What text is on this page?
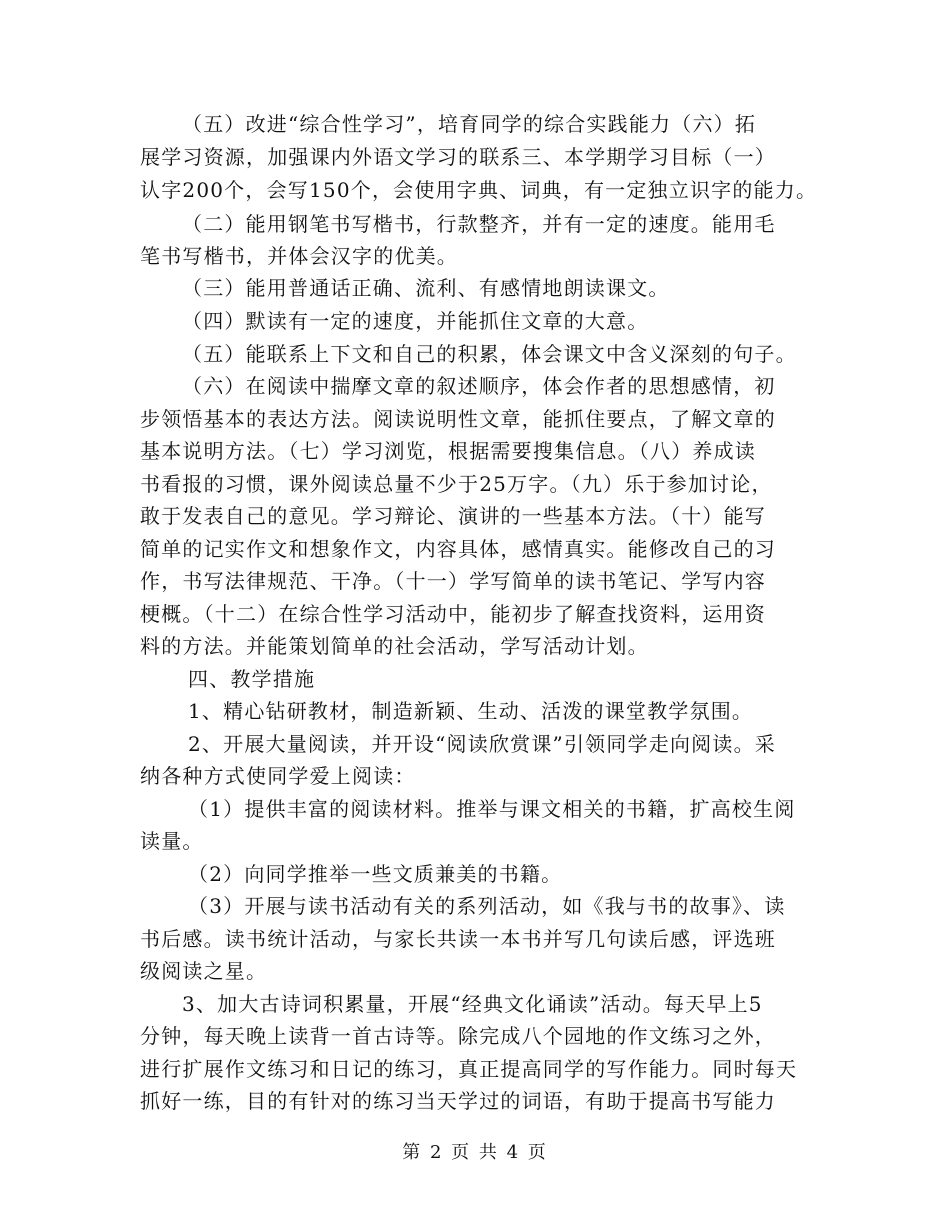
（五）改进“综合性学习”，培育同学的综合实践能力（六）拓
展学习资源，加强课内外语文学习的联系三、本学期学习目标（一）
认字200个，会写150个，会使用字典、词典，有一定独立识字的能力。
（二）能用钢笔书写楷书，行款整齐，并有一定的速度。能用毛
笔书写楷书，并体会汉字的优美。
（三）能用普通话正确、流利、有感情地朗读课文。
（四）默读有一定的速度，并能抓住文章的大意。
（五）能联系上下文和自己的积累，体会课文中含义深刻的句子。
（六）在阅读中揣摩文章的叙述顺序，体会作者的思想感情，初
步领悟基本的表达方法。阅读说明性文章，能抓住要点，了解文章的
基本说明方法。（七）学习浏览，根据需要搜集信息。（八）养成读
书看报的习惯，课外阅读总量不少于25万字。（九）乐于参加讨论，
敢于发表自己的意见。学习辩论、演讲的一些基本方法。（十）能写
简单的记实作文和想象作文，内容具体，感情真实。能修改自己的习
作，书写法律规范、干净。（十一）学写简单的读书笔记、学写内容
梗概。（十二）在综合性学习活动中，能初步了解查找资料，运用资
料的方法。并能策划简单的社会活动，学写活动计划。
四、教学措施
1、精心钻研教材，制造新颖、生动、活泼的课堂教学氛围。
2、开展大量阅读，并开设“阅读欣赏课”引领同学走向阅读。采
纳各种方式使同学爱上阅读：
（1）提供丰富的阅读材料。推举与课文相关的书籍，扩高校生阅
读量。
（2）向同学推举一些文质兼美的书籍。
（3）开展与读书活动有关的系列活动，如《我与书的故事》、读
书后感。读书统计活动，与家长共读一本书并写几句读后感，评选班
级阅读之星。
3、加大古诗词积累量，开展“经典文化诵读”活动。每天早上5
分钟，每天晚上读背一首古诗等。除完成八个园地的作文练习之外，
进行扩展作文练习和日记的练习，真正提高同学的写作能力。同时每天
抓好一练，目的有针对的练习当天学过的词语，有助于提高书写能力
第 2 页 共 4 页
